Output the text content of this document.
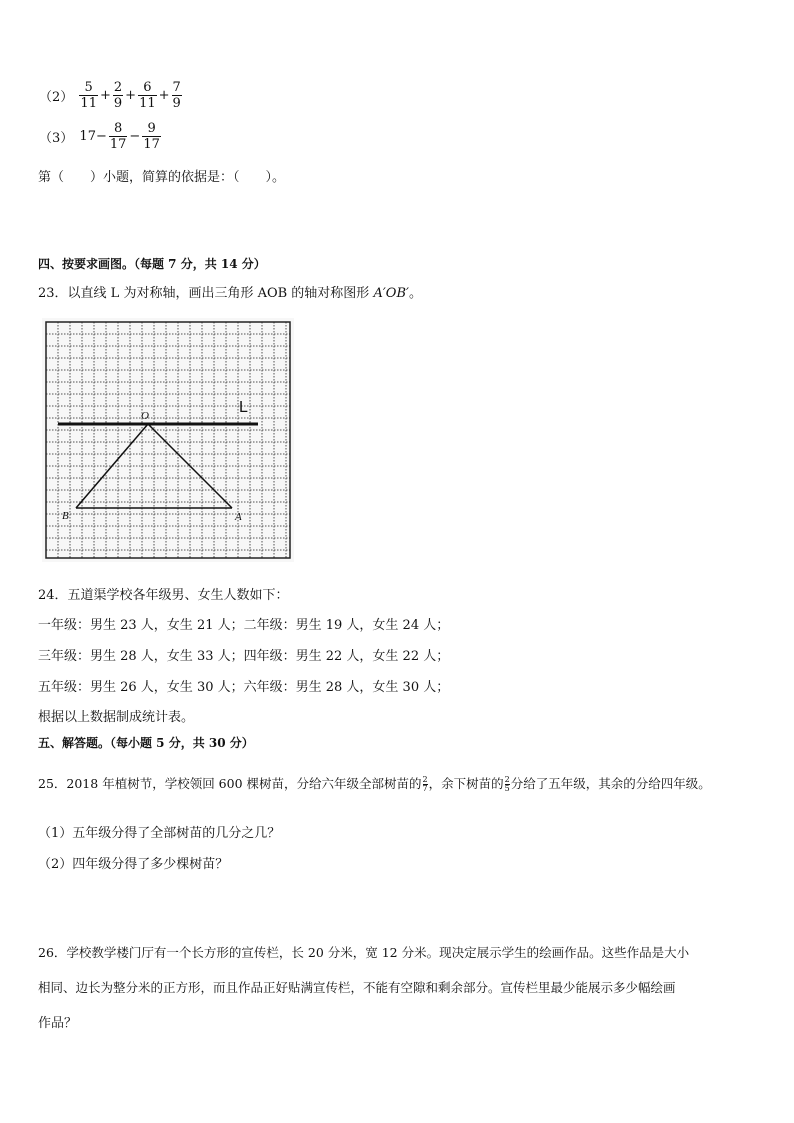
$(2) \frac{5}{11} + \frac{2}{9} + \frac{6}{11} + \frac{7}{9}$
（3） $17- \frac{8}{17} - \frac{9}{17}$
第（　　）小题，简算的依据是：（　　）。
四、按要求画图。（每题 7 分，共 14 分）
23．以直线 L 为对称轴，画出三角形 AOB 的轴对称图形 A′OB′。
L
O
A
B
24．五道渠学校各年级男、女生人数如下：
一年级：男生 23 人，女生 21 人；二年级：男生 19 人，女生 24 人；
三年级：男生 28 人，女生 33 人；四年级：男生 22 人，女生 22 人；
五年级：男生 26 人，女生 30 人；六年级：男生 28 人，女生 30 人；
根据以上数据制成统计表。
五、解答题。（每小题 5 分，共 30 分）
25．2018 年植树节，学校领回 600 棵树苗，分给六年级全部树苗的 $\frac{2}{7}$ ，余下树苗的 $\frac{2}{5}$ 分给了五年级，其余的分给四年级。
（1）五年级分得了全部树苗的几分之几？
（2）四年级分得了多少棵树苗？
26．学校教学楼门厅有一个长方形的宣传栏，长 20 分米，宽 12 分米。现决定展示学生的绘画作品。这些作品是大小
相同、边长为整分米的正方形，而且作品正好贴满宣传栏，不能有空隙和剩余部分。宣传栏里最少能展示多少幅绘画
作品？
